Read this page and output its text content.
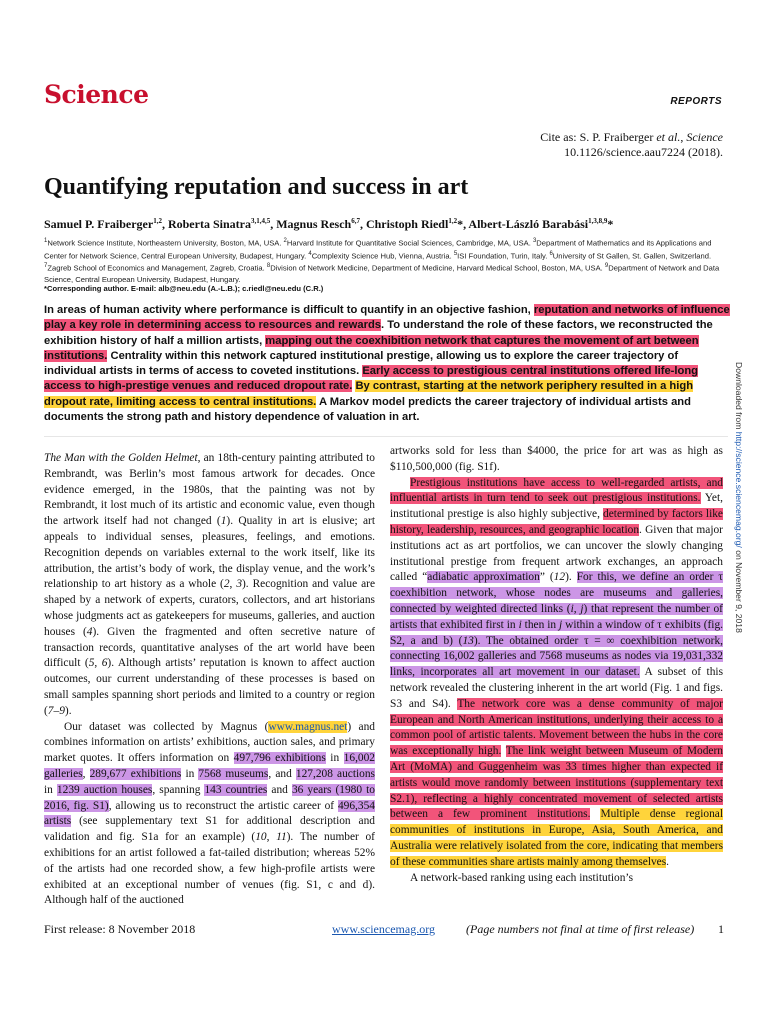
Science	REPORTS
Cite as: S. P. Fraiberger et al., Science
10.1126/science.aau7224 (2018).
Quantifying reputation and success in art
Samuel P. Fraiberger$^{1,2}$, Roberta Sinatra$^{3,1,4,5}$, Magnus Resch$^{6,7}$, Christoph Riedl$^{1,2}$*, Albert-László Barabási$^{1,3,8,9}$*
$^1$Network Science Institute, Northeastern University, Boston, MA, USA. $^2$Harvard Institute for Quantitative Social Sciences, Cambridge, MA, USA. $^3$Department of Mathematics and its Applications and Center for Network Science, Central European University, Budapest, Hungary. $^4$Complexity Science Hub, Vienna, Austria. $^5$ISI Foundation, Turin, Italy. $^6$University of St Gallen, St. Gallen, Switzerland. $^7$Zagreb School of Economics and Management, Zagreb, Croatia. $^8$Division of Network Medicine, Department of Medicine, Harvard Medical School, Boston, MA, USA. $^9$Department of Network and Data Science, Central European University, Budapest, Hungary.
*Corresponding author. E-mail: alb@neu.edu (A.-L.B.); c.riedl@neu.edu (C.R.)
In areas of human activity where performance is difficult to quantify in an objective fashion, reputation and networks of influence play a key role in determining access to resources and rewards. To understand the role of these factors, we reconstructed the exhibition history of half a million artists, mapping out the coexhibition network that captures the movement of art between institutions. Centrality within this network captured institutional prestige, allowing us to explore the career trajectory of individual artists in terms of access to coveted institutions. Early access to prestigious central institutions offered life-long access to high-prestige venues and reduced dropout rate. By contrast, starting at the network periphery resulted in a high dropout rate, limiting access to central institutions. A Markov model predicts the career trajectory of individual artists and documents the strong path and history dependence of valuation in art.

The Man with the Golden Helmet, an 18th-century painting attributed to Rembrandt, was Berlin’s most famous artwork for decades. Once evidence emerged, in the 1980s, that the painting was not by Rembrandt, it lost much of its artistic and economic value, even though the artwork itself had not changed (1). Quality in art is elusive; art appeals to individual senses, pleasures, feelings, and emotions. Recognition depends on variables external to the work itself, like its attribution, the artist’s body of work, the display venue, and the work’s relationship to art history as a whole (2, 3). Recognition and value are shaped by a network of experts, curators, collectors, and art historians whose judgments act as gatekeepers for museums, galleries, and auction houses (4). Given the fragmented and often secretive nature of transaction records, quantitative analyses of the art world have been difficult (5, 6). Although artists’ reputation is known to affect auction outcomes, our current understanding of these processes is based on small samples spanning short periods and limited to a country or region (7–9).

Our dataset was collected by Magnus (www.magnus.net) and combines information on artists’ exhibitions, auction sales, and primary market quotes. It offers information on 497,796 exhibitions in 16,002 galleries, 289,677 exhibitions in 7568 museums, and 127,208 auctions in 1239 auction houses, spanning 143 countries and 36 years (1980 to 2016, fig. S1), allowing us to reconstruct the artistic career of 496,354 artists (see supplementary text S1 for additional description and validation and fig. S1a for an example) (10, 11). The number of exhibitions for an artist followed a fat-tailed distribution; whereas 52% of the artists had one recorded show, a few high-profile artists were exhibited at an exceptional number of venues (fig. S1, c and d). Although half of the auctioned

artworks sold for less than $4000, the price for art was as high as $110,500,000 (fig. S1f).

Prestigious institutions have access to well-regarded artists, and influential artists in turn tend to seek out prestigious institutions. Yet, institutional prestige is also highly subjective, determined by factors like history, leadership, resources, and geographic location. Given that major institutions act as art portfolios, we can uncover the slowly changing institutional prestige from frequent artwork exchanges, an approach called “adiabatic approximation” (12). For this, we define an order τ coexhibition network, whose nodes are museums and galleries, connected by weighted directed links (i, j) that represent the number of artists that exhibited first in i then in j within a window of τ exhibits (fig. S2, a and b) (13). The obtained order τ = ∞ coexhibition network, connecting 16,002 galleries and 7568 museums as nodes via 19,031,332 links, incorporates all art movement in our dataset. A subset of this network revealed the clustering inherent in the art world (Fig. 1 and figs. S3 and S4). The network core was a dense community of major European and North American institutions, underlying their access to a common pool of artistic talents. Movement between the hubs in the core was exceptionally high. The link weight between Museum of Modern Art (MoMA) and Guggenheim was 33 times higher than expected if artists would move randomly between institutions (supplementary text S2.1), reflecting a highly concentrated movement of selected artists between a few prominent institutions. Multiple dense regional communities of institutions in Europe, Asia, South America, and Australia were relatively isolated from the core, indicating that members of these communities share artists mainly among themselves.

A network-based ranking using each institution’s

Downloaded from http://science.sciencemag.org/ on November 9, 2018
First release: 8 November 2018	www.sciencemag.org	(Page numbers not final at time of first release) 1
